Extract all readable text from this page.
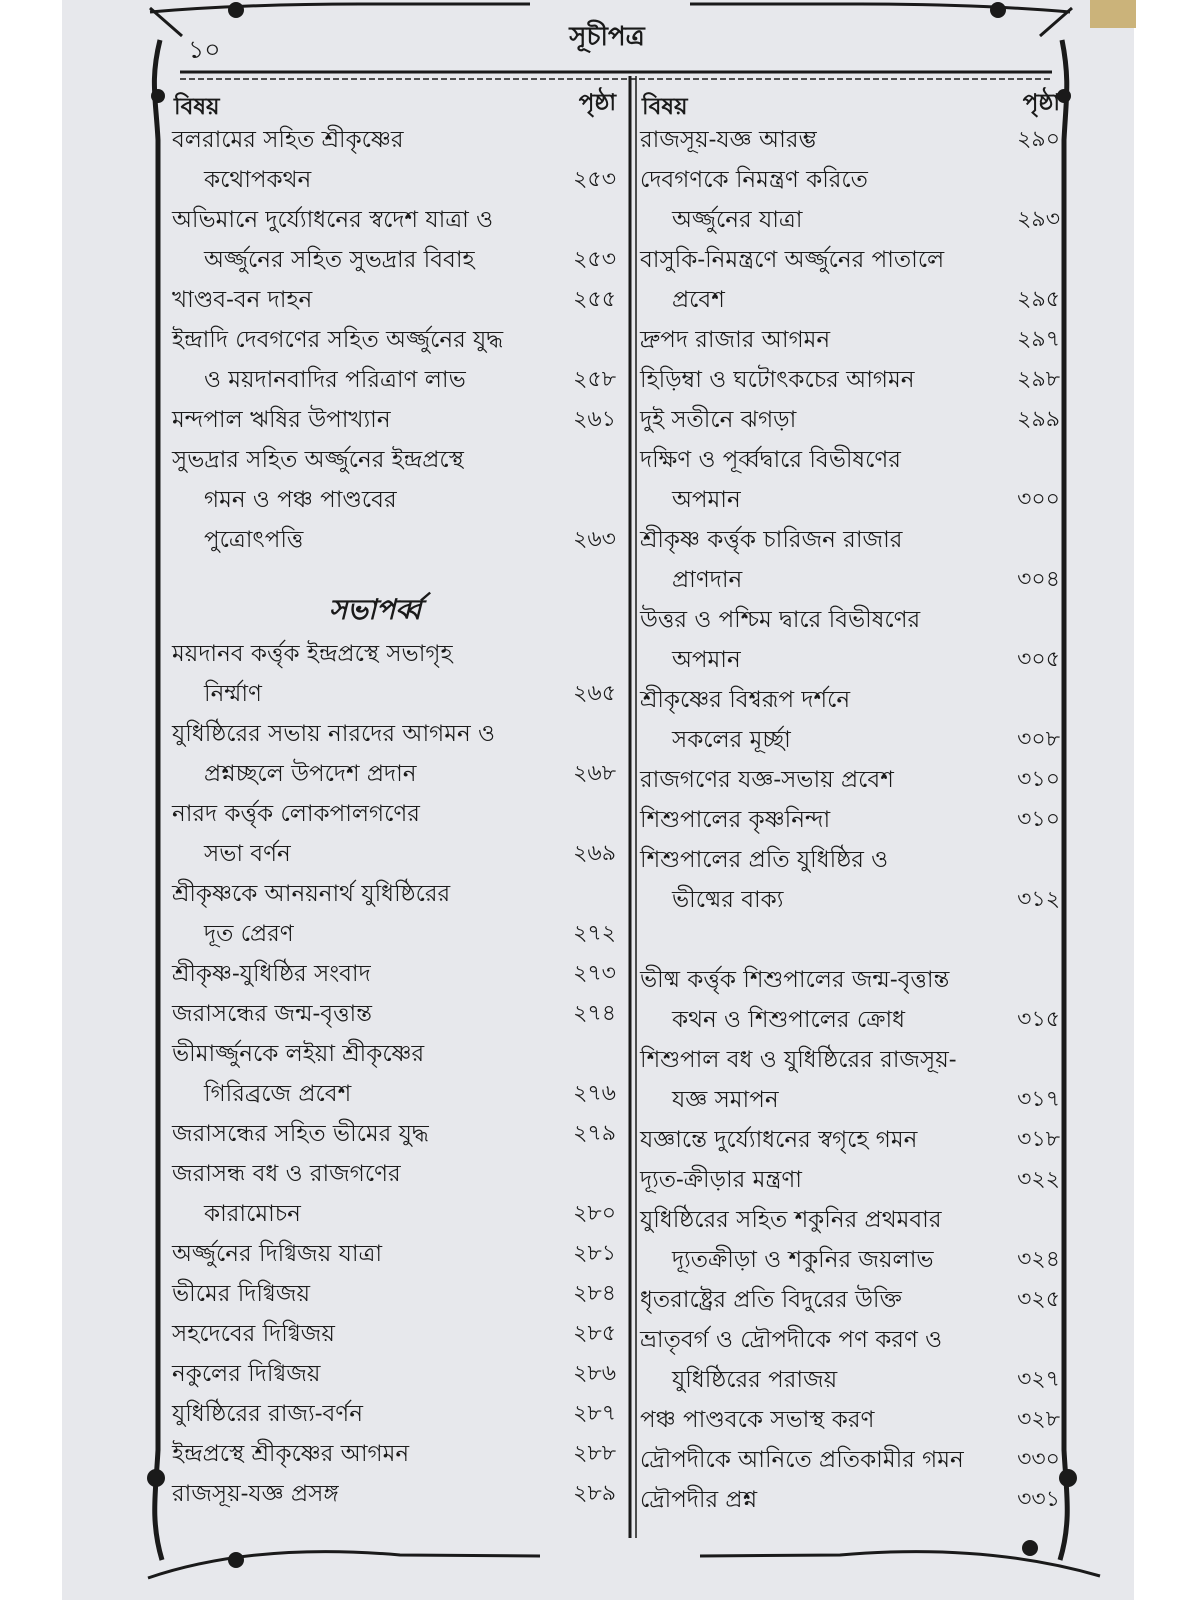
১০	সূচীপত্র
বিষয়	পৃষ্ঠা
বলরামের সহিত শ্রীকৃষ্ণের
কথোপকথন	২৫৩
অভিমানে দুর্য্যোধনের স্বদেশ যাত্রা ও
অর্জ্জুনের সহিত সুভদ্রার বিবাহ	২৫৩
খাণ্ডব-বন দাহন	২৫৫
ইন্দ্রাদি দেবগণের সহিত অর্জ্জুনের যুদ্ধ
ও ময়দানবাদির পরিত্রাণ লাভ	২৫৮
মন্দপাল ঋষির উপাখ্যান	২৬১
সুভদ্রার সহিত অর্জ্জুনের ইন্দ্রপ্রস্থে
গমন ও পঞ্চ পাণ্ডবের
পুত্রোৎপত্তি	২৬৩
সভাপর্ব্ব
ময়দানব কর্ত্তৃক ইন্দ্রপ্রস্থে সভাগৃহ
নির্ম্মাণ	২৬৫
যুধিষ্ঠিরের সভায় নারদের আগমন ও
প্রশ্নচ্ছলে উপদেশ প্রদান	২৬৮
নারদ কর্ত্তৃক লোকপালগণের
সভা বর্ণন	২৬৯
শ্রীকৃষ্ণকে আনয়নার্থ যুধিষ্ঠিরের
দূত প্রেরণ	২৭২
শ্রীকৃষ্ণ-যুধিষ্ঠির সংবাদ	২৭৩
জরাসন্ধের জন্ম-বৃত্তান্ত	২৭৪
ভীমার্জ্জুনকে লইয়া শ্রীকৃষ্ণের
গিরিব্রজে প্রবেশ	২৭৬
জরাসন্ধের সহিত ভীমের যুদ্ধ	২৭৯
জরাসন্ধ বধ ও রাজগণের
কারামোচন	২৮০
অর্জ্জুনের দিগ্বিজয় যাত্রা	২৮১
ভীমের দিগ্বিজয়	২৮৪
সহদেবের দিগ্বিজয়	২৮৫
নকুলের দিগ্বিজয়	২৮৬
যুধিষ্ঠিরের রাজ্য-বর্ণন	২৮৭
ইন্দ্রপ্রস্থে শ্রীকৃষ্ণের আগমন	২৮৮
রাজসূয়-যজ্ঞ প্রসঙ্গ	২৮৯
বিষয়	পৃষ্ঠা
রাজসূয়-যজ্ঞ আরম্ভ	২৯০
দেবগণকে নিমন্ত্রণ করিতে
অর্জ্জুনের যাত্রা	২৯৩
বাসুকি-নিমন্ত্রণে অর্জ্জুনের পাতালে
প্রবেশ	২৯৫
দ্রুপদ রাজার আগমন	২৯৭
হিড়িম্বা ও ঘটোৎকচের আগমন	২৯৮
দুই সতীনে ঝগড়া	২৯৯
দক্ষিণ ও পূর্ব্বদ্বারে বিভীষণের
অপমান	৩০০
শ্রীকৃষ্ণ কর্ত্তৃক চারিজন রাজার
প্রাণদান	৩০৪
উত্তর ও পশ্চিম দ্বারে বিভীষণের
অপমান	৩০৫
শ্রীকৃষ্ণের বিশ্বরূপ দর্শনে
সকলের মূর্চ্ছা	৩০৮
রাজগণের যজ্ঞ-সভায় প্রবেশ	৩১০
শিশুপালের কৃষ্ণনিন্দা	৩১০
শিশুপালের প্রতি যুধিষ্ঠির ও
ভীষ্মের বাক্য	৩১২
ভীষ্ম কর্ত্তৃক শিশুপালের জন্ম-বৃত্তান্ত
কথন ও শিশুপালের ক্রোধ	৩১৫
শিশুপাল বধ ও যুধিষ্ঠিরের রাজসূয়-
যজ্ঞ সমাপন	৩১৭
যজ্ঞান্তে দুর্য্যোধনের স্বগৃহে গমন	৩১৮
দ্যূত-ক্রীড়ার মন্ত্রণা	৩২২
যুধিষ্ঠিরের সহিত শকুনির প্রথমবার
দ্যূতক্রীড়া ও শকুনির জয়লাভ	৩২৪
ধৃতরাষ্ট্রের প্রতি বিদুরের উক্তি	৩২৫
ভ্রাতৃবর্গ ও দ্রৌপদীকে পণ করণ ও
যুধিষ্ঠিরের পরাজয়	৩২৭
পঞ্চ পাণ্ডবকে সভাস্থ করণ	৩২৮
দ্রৌপদীকে আনিতে প্রতিকামীর গমন	৩৩০
দ্রৌপদীর প্রশ্ন	৩৩১
